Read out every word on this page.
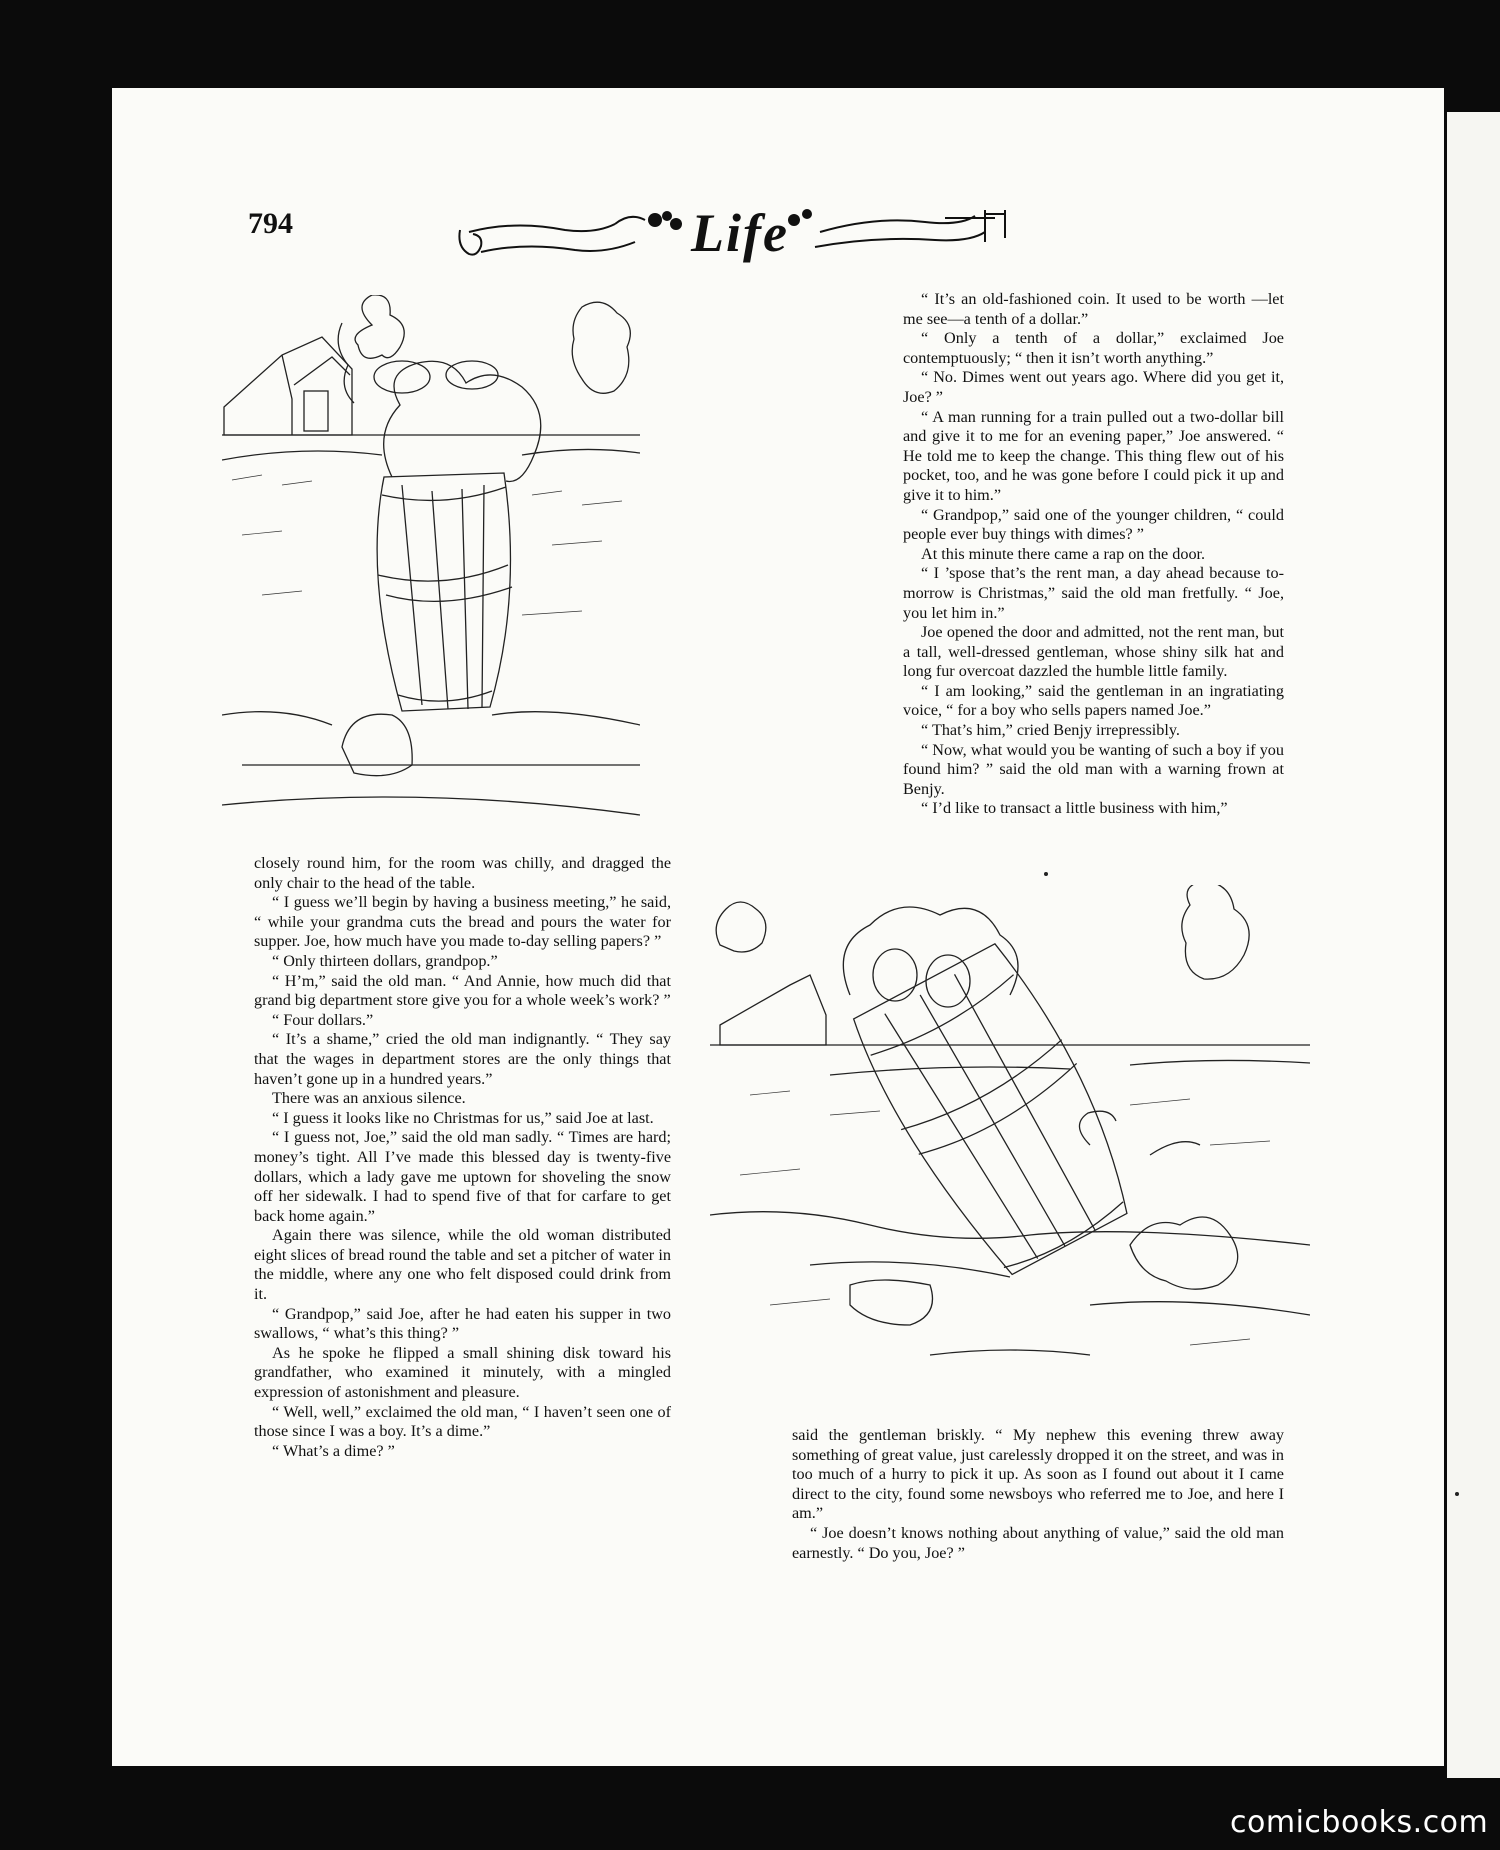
794	Life

“ It’s an old-fashioned coin. It used to be worth —let me see—a tenth of a dollar.”

“ Only a tenth of a dollar,” exclaimed Joe contemptuously; “ then it isn’t worth anything.”

“ No. Dimes went out years ago. Where did you get it, Joe? ”

“ A man running for a train pulled out a two-dollar bill and give it to me for an evening paper,” Joe answered. “ He told me to keep the change. This thing flew out of his pocket, too, and he was gone before I could pick it up and give it to him.”

“ Grandpop,” said one of the younger children, “ could people ever buy things with dimes? ”

At this minute there came a rap on the door.

“ I ’spose that’s the rent man, a day ahead because to-morrow is Christmas,” said the old man fretfully. “ Joe, you let him in.”

Joe opened the door and admitted, not the rent man, but a tall, well-dressed gentleman, whose shiny silk hat and long fur overcoat dazzled the humble little family.

“ I am looking,” said the gentleman in an ingratiating voice, “ for a boy who sells papers named Joe.”

“ That’s him,” cried Benjy irrepressibly.

“ Now, what would you be wanting of such a boy if you found him? ” said the old man with a warning frown at Benjy.

“ I’d like to transact a little business with him,”

closely round him, for the room was chilly, and dragged the only chair to the head of the table.

“ I guess we’ll begin by having a business meeting,” he said, “ while your grandma cuts the bread and pours the water for supper. Joe, how much have you made to-day selling papers? ”

“ Only thirteen dollars, grandpop.”

“ H’m,” said the old man. “ And Annie, how much did that grand big department store give you for a whole week’s work? ”

“ Four dollars.”

“ It’s a shame,” cried the old man indignantly. “ They say that the wages in department stores are the only things that haven’t gone up in a hundred years.”

There was an anxious silence.

“ I guess it looks like no Christmas for us,” said Joe at last.

“ I guess not, Joe,” said the old man sadly. “ Times are hard; money’s tight. All I’ve made this blessed day is twenty-five dollars, which a lady gave me uptown for shoveling the snow off her sidewalk. I had to spend five of that for carfare to get back home again.”

Again there was silence, while the old woman distributed eight slices of bread round the table and set a pitcher of water in the middle, where any one who felt disposed could drink from it.

“ Grandpop,” said Joe, after he had eaten his supper in two swallows, “ what’s this thing? ”

As he spoke he flipped a small shining disk toward his grandfather, who examined it minutely, with a mingled expression of astonishment and pleasure.

“ Well, well,” exclaimed the old man, “ I haven’t seen one of those since I was a boy. It’s a dime.”

“ What’s a dime? ”

said the gentleman briskly. “ My nephew this evening threw away something of great value, just carelessly dropped it on the street, and was in too much of a hurry to pick it up. As soon as I found out about it I came direct to the city, found some newsboys who referred me to Joe, and here I am.”

“ Joe doesn’t knows nothing about anything of value,” said the old man earnestly. “ Do you, Joe? ”

comicbooks.com
